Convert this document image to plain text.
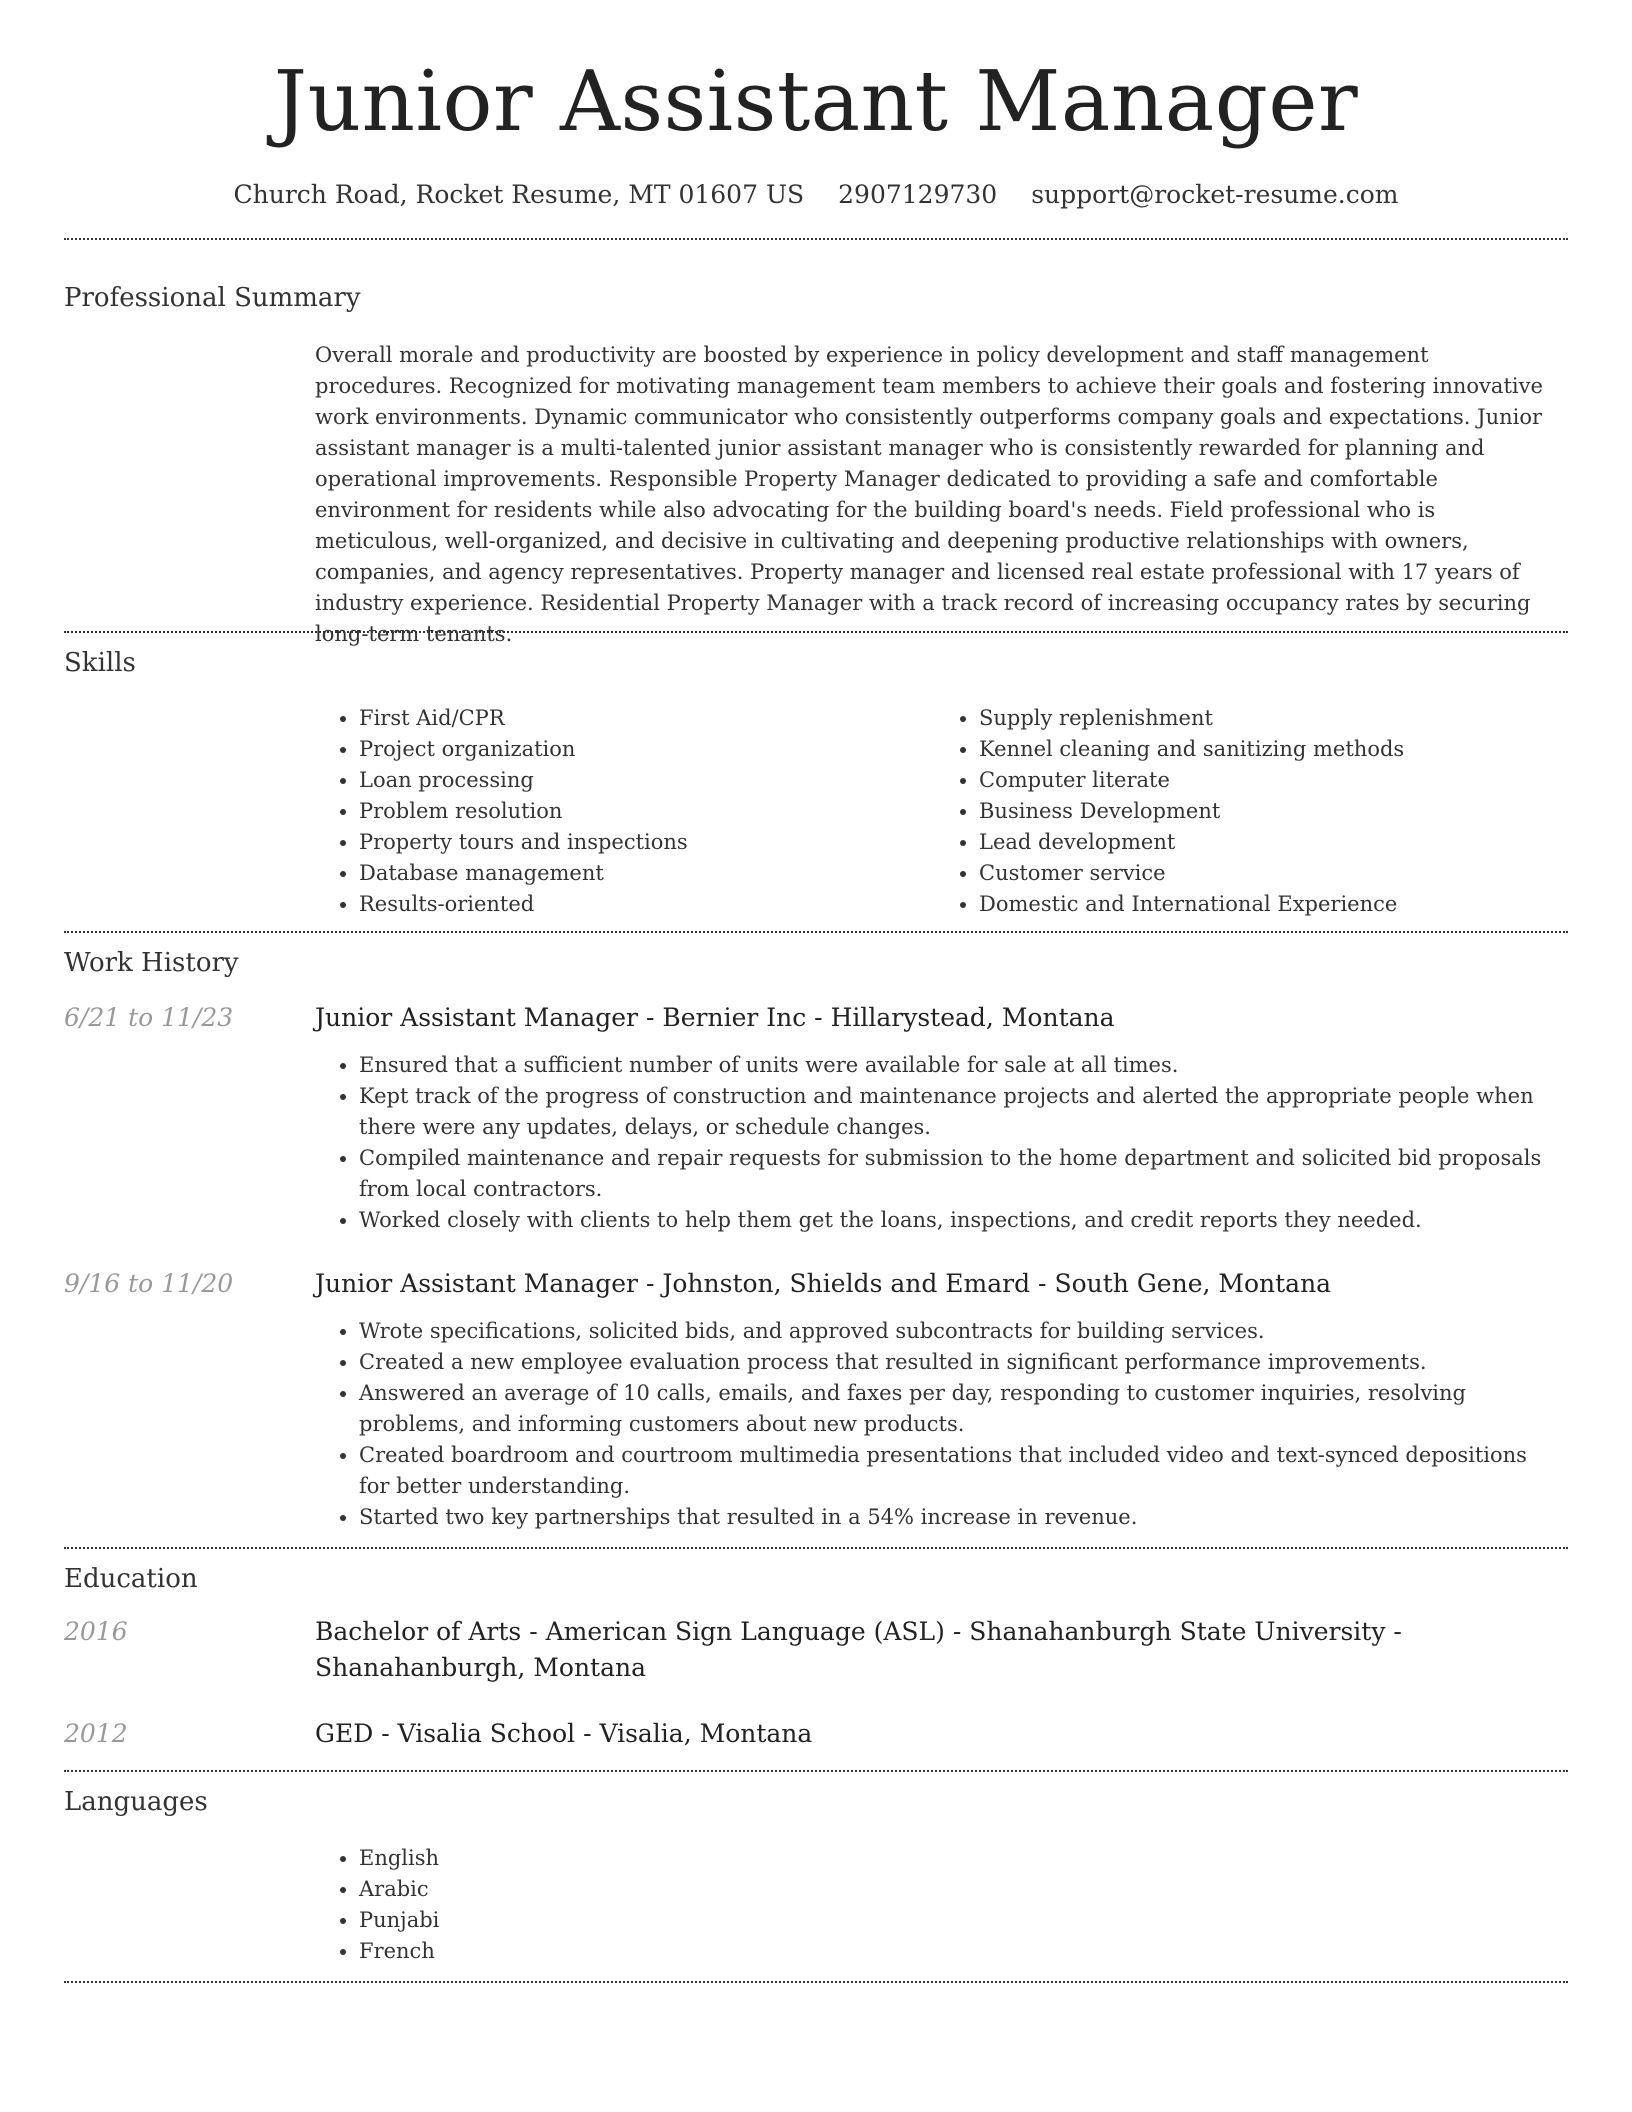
Junior Assistant Manager
Church Road, Rocket Resume, MT 01607 US 2907129730 support@rocket-resume.com
Professional Summary

Overall morale and productivity are boosted by experience in policy development and staff management procedures. Recognized for motivating management team members to achieve their goals and fostering innovative work environments. Dynamic communicator who consistently outperforms company goals and expectations. Junior assistant manager is a multi-talented junior assistant manager who is consistently rewarded for planning and operational improvements. Responsible Property Manager dedicated to providing a safe and comfortable environment for residents while also advocating for the building board's needs. Field professional who is meticulous, well-organized, and decisive in cultivating and deepening productive relationships with owners, companies, and agency representatives. Property manager and licensed real estate professional with 17 years of industry experience. Residential Property Manager with a track record of increasing occupancy rates by securing long-term tenants.

Skills
• First Aid/CPR
• Project organization
• Loan processing
• Problem resolution
• Property tours and inspections
• Database management
• Results-oriented
• Supply replenishment
• Kennel cleaning and sanitizing methods
• Computer literate
• Business Development
• Lead development
• Customer service
• Domestic and International Experience
Work History
6/21 to 11/23	Junior Assistant Manager - Bernier Inc - Hillarystead, Montana
• Ensured that a sufficient number of units were available for sale at all times.
• Kept track of the progress of construction and maintenance projects and alerted the appropriate people when there were any updates, delays, or schedule changes.
• Compiled maintenance and repair requests for submission to the home department and solicited bid proposals from local contractors.
• Worked closely with clients to help them get the loans, inspections, and credit reports they needed.
9/16 to 11/20	Junior Assistant Manager - Johnston, Shields and Emard - South Gene, Montana
• Wrote specifications, solicited bids, and approved subcontracts for building services.
• Created a new employee evaluation process that resulted in significant performance improvements.
• Answered an average of 10 calls, emails, and faxes per day, responding to customer inquiries, resolving problems, and informing customers about new products.
• Created boardroom and courtroom multimedia presentations that included video and text-synced depositions for better understanding.
• Started two key partnerships that resulted in a 54% increase in revenue.
Education
2016	Bachelor of Arts - American Sign Language (ASL) - Shanahanburgh State University - Shanahanburgh, Montana
2012	GED - Visalia School - Visalia, Montana
Languages
• English
• Arabic
• Punjabi
• French
